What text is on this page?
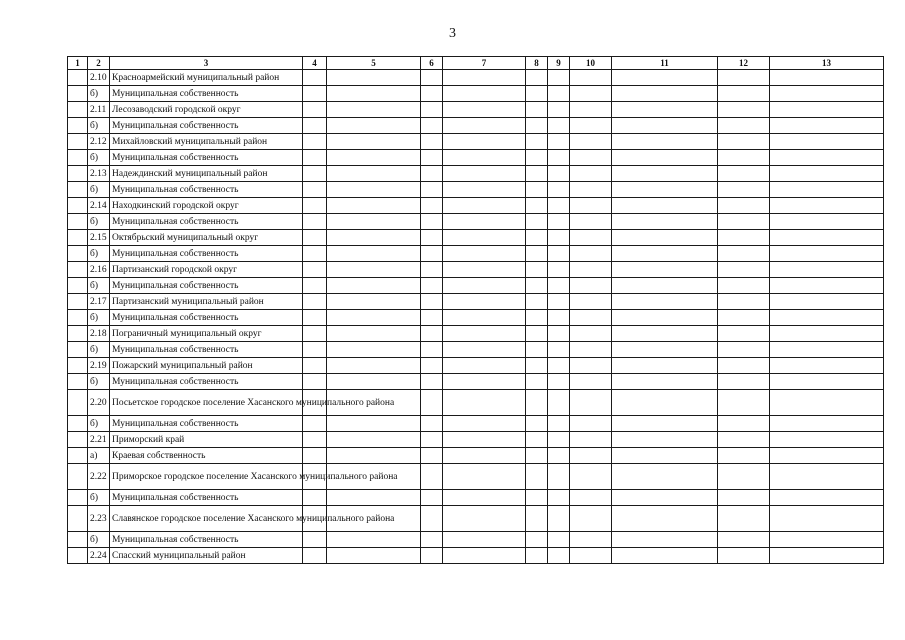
3
1	2	3	4	5	6	7	8	9	10	11	12	13
	2.10	Красноармейский муниципальный район										
	б)	Муниципальная собственность										
	2.11	Лесозаводский городской округ										
	б)	Муниципальная собственность										
	2.12	Михайловский муниципальный район										
	б)	Муниципальная собственность										
	2.13	Надеждинский муниципальный район										
	б)	Муниципальная собственность										
	2.14	Находкинский городской округ										
	б)	Муниципальная собственность										
	2.15	Октябрьский муниципальный округ										
	б)	Муниципальная собственность										
	2.16	Партизанский городской округ										
	б)	Муниципальная собственность										
	2.17	Партизанский муниципальный район										
	б)	Муниципальная собственность										
	2.18	Пограничный муниципальный округ										
	б)	Муниципальная собственность										
	2.19	Пожарский муниципальный район										
	б)	Муниципальная собственность										
	2.20	Посьетское городское поселение Хасанского муниципального района										
	б)	Муниципальная собственность										
	2.21	Приморский край										
	а)	Краевая собственность										
	2.22	Приморское городское поселение Хасанского муниципального района										
	б)	Муниципальная собственность										
	2.23	Славянское городское поселение Хасанского муниципального района										
	б)	Муниципальная собственность										
	2.24	Спасский муниципальный район										
